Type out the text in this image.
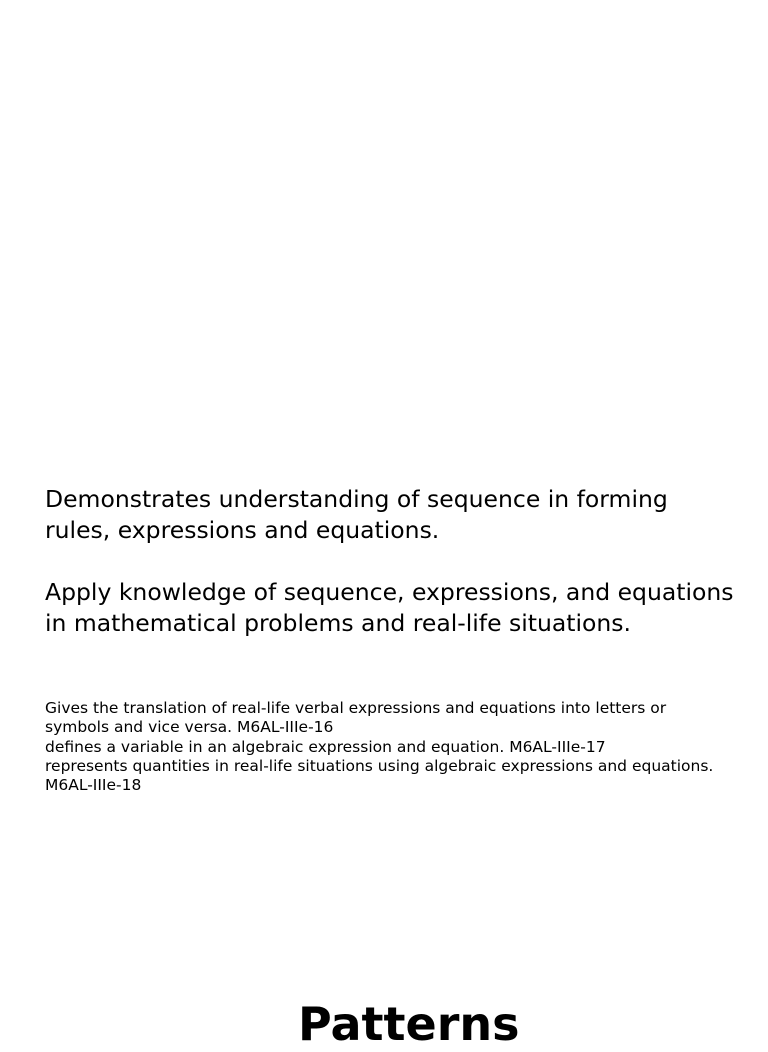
Demonstrates understanding of sequence in forming rules, expressions and equations.

Apply knowledge of sequence, expressions, and equations in mathematical problems and real-life situations.

Gives the translation of real-life verbal expressions and equations into letters or symbols and vice versa. M6AL-IIIe-16
defines a variable in an algebraic expression and equation. M6AL-IIIe-17
represents quantities in real-life situations using algebraic expressions and equations.
M6AL-IIIe-18
Patterns
